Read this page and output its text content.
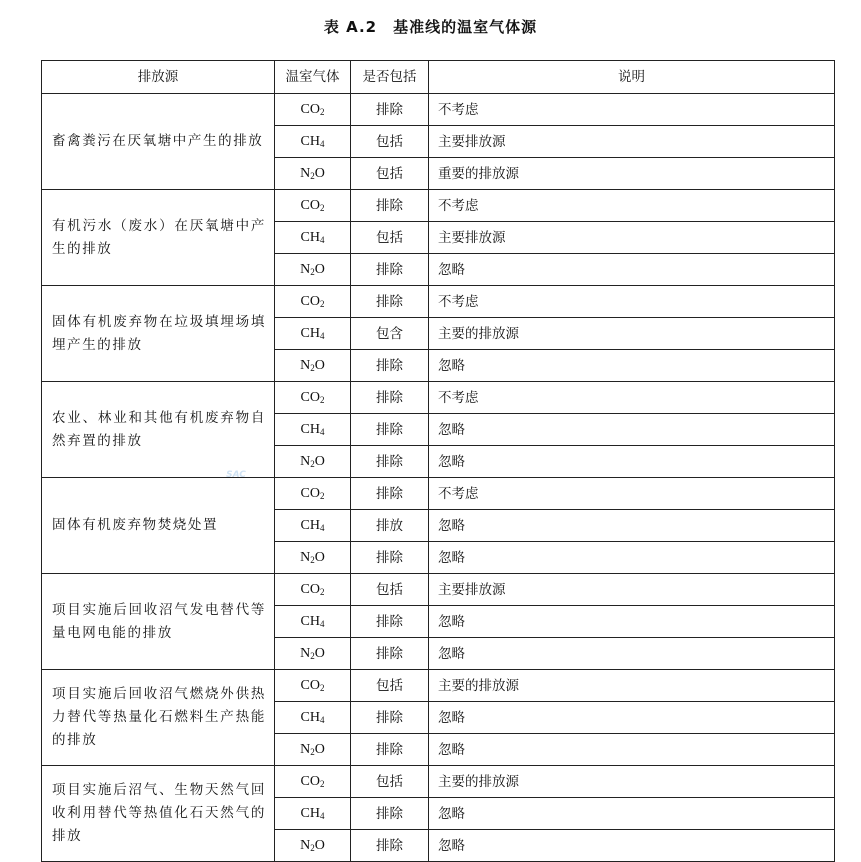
表 A.2　基准线的温室气体源
SAC
排放源	温室气体	是否包括	说明
畜禽粪污在厌氧塘中产生的排放	$CO_2$	排除	不考虑
	$CH_4$	包括	主要排放源
	$N_2O$	包括	重要的排放源
有机污水（废水）在厌氧塘中产生的排放	$CO_2$	排除	不考虑
	$CH_4$	包括	主要排放源
	$N_2O$	排除	忽略
固体有机废弃物在垃圾填埋场填埋产生的排放	$CO_2$	排除	不考虑
	$CH_4$	包含	主要的排放源
	$N_2O$	排除	忽略
农业、林业和其他有机废弃物自然弃置的排放	$CO_2$	排除	不考虑
	$CH_4$	排除	忽略
	$N_2O$	排除	忽略
固体有机废弃物焚烧处置	$CO_2$	排除	不考虑
	$CH_4$	排放	忽略
	$N_2O$	排除	忽略
项目实施后回收沼气发电替代等量电网电能的排放	$CO_2$	包括	主要排放源
	$CH_4$	排除	忽略
	$N_2O$	排除	忽略
项目实施后回收沼气燃烧外供热力替代等热量化石燃料生产热能的排放	$CO_2$	包括	主要的排放源
	$CH_4$	排除	忽略
	$N_2O$	排除	忽略
项目实施后沼气、生物天然气回收利用替代等热值化石天然气的排放	$CO_2$	包括	主要的排放源
	$CH_4$	排除	忽略
	$N_2O$	排除	忽略
